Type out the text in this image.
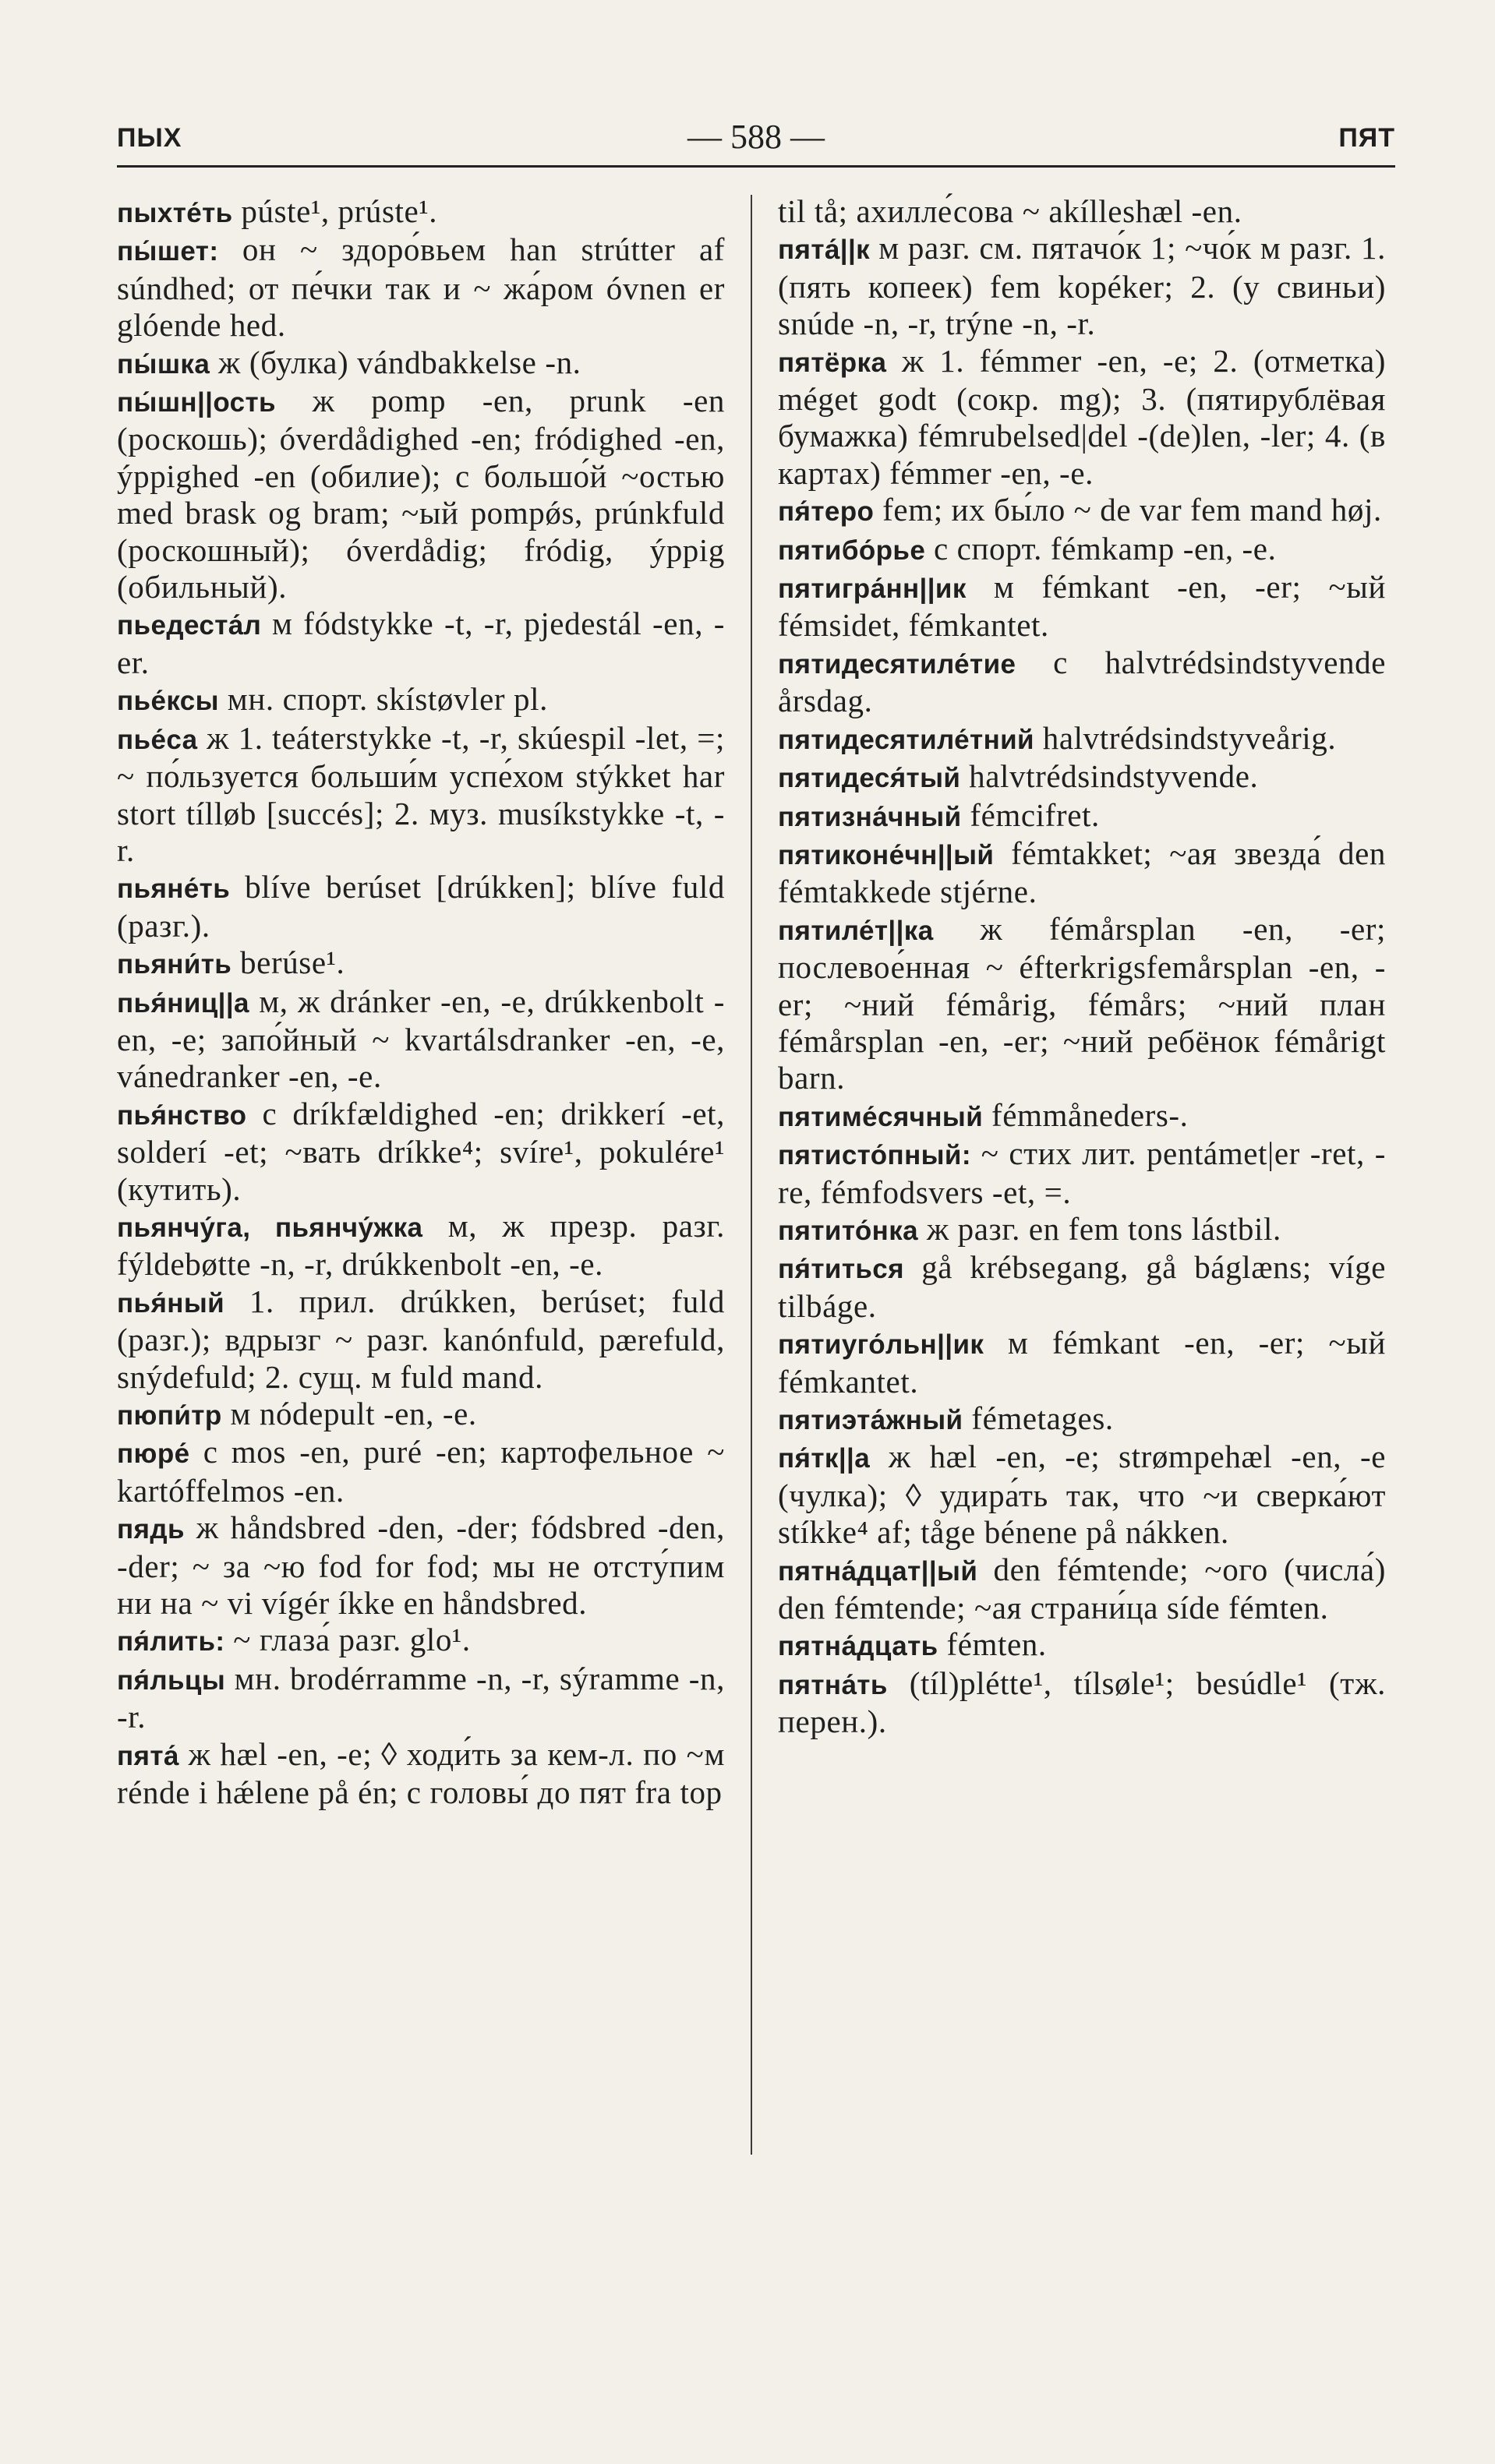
ПЫХ	— 588 —	ПЯТ

пыхте́ть púste¹, prúste¹.

пы́шет: он ~ здоро́вьем han strútter af súndhed; от пе́чки так и ~ жа́ром óvnen er glóende hed.

пы́шка ж (булка) vándbakkelse -n.

пы́шн||ость ж pomp -en, prunk -en (роскошь); óverdådighed -en; fródighed -en, ýppighed -en (обилие); с большо́й ~остью med brask og bram; ~ый pompǿs, prúnkfuld (роскошный); óverdådig; fródig, ýppig (обильный).

пьедеста́л м fódstykke -t, -r, pjedestál -en, -er.

пье́ксы мн. спорт. skístøvler pl.

пье́са ж 1. teáterstykke -t, -r, skúespil -let, =; ~ по́льзуется больши́м успе́хом stýkket har stort tílløb [succés]; 2. муз. musíkstykke -t, -r.

пьяне́ть blíve berúset [drúkken]; blíve fuld (разг.).

пьяни́ть berúse¹.

пья́ниц||а м, ж dránker -en, -e, drúkkenbolt -en, -e; запо́йный ~ kvartálsdranker -en, -e, vánedranker -en, -e.

пья́нство с dríkfældighed -en; drikkerí -et, solderí -et; ~вать dríkke⁴; svíre¹, pokulére¹ (кутить).

пьянчу́га, пьянчу́жка м, ж презр. разг. fýldebøtte -n, -r, drúkkenbolt -en, -e.

пья́ный 1. прил. drúkken, berúset; fuld (разг.); вдрызг ~ разг. kanónfuld, pærefuld, snýdefuld; 2. сущ. м fuld mand.

пюпи́тр м nódepult -en, -e.

пюре́ с mos -en, puré -en; картофельное ~ kartóffelmos -en.

пядь ж håndsbred -den, -der; fódsbred -den, -der; ~ за ~ю fod for fod; мы не отсту́пим ни на ~ vi vígér íkke en håndsbred.

пя́лить: ~ глаза́ разг. glo¹.

пя́льцы мн. brodérramme -n, -r, sýramme -n, -r.

пята́ ж hæl -en, -e; ◊ ходи́ть за кем-л. по ~м rénde i hǽlene på én; с головы́ до пят fra top

til tå; ахилле́сова ~ akílleshæl -en.

пята́||к м разг. см. пятачо́к 1; ~чо́к м разг. 1. (пять копеек) fem kopéker; 2. (у свиньи) snúde -n, -r, trýne -n, -r.

пятёрка ж 1. fémmer -en, -e; 2. (отметка) méget godt (сокр. mg); 3. (пятирублёвая бумажка) fémrubelsed|del -(de)len, -ler; 4. (в картах) fémmer -en, -e.

пя́теро fem; их бы́ло ~ de var fem mand høj.

пятибо́рье с спорт. fémkamp -en, -e.

пятигра́нн||ик м fémkant -en, -er; ~ый fémsidet, fémkantet.

пятидесятиле́тие с halvtrédsindstyvende årsdag.

пятидесятиле́тний halvtrédsindstyveårig.

пятидеся́тый halvtrédsindstyvende.

пятизна́чный fémcifret.

пятиконе́чн||ый fémtakket; ~ая звезда́ den fémtakkede stjérne.

пятиле́т||ка ж fémårsplan -en, -er; послевое́нная ~ éfterkrigsfemårsplan -en, -er; ~ний fémårig, fémårs; ~ний план fémårsplan -en, -er; ~ний ребёнок fémårigt barn.

пятиме́сячный fémmåneders-.

пятисто́пный: ~ стих лит. pentámet|er -ret, -re, fémfodsvers -et, =.

пятито́нка ж разг. en fem tons lástbil.

пя́титься gå krébsegang, gå báglæns; víge tilbáge.

пятиуго́льн||ик м fémkant -en, -er; ~ый fémkantet.

пятиэта́жный fémetages.

пя́тк||а ж hæl -en, -e; strømpehæl -en, -e (чулка); ◊ удира́ть так, что ~и сверка́ют stíkke⁴ af; tåge bénene på nákken.

пятна́дцат||ый den fémtende; ~ого (числа́) den fémtende; ~ая страни́ца síde fémten.

пятна́дцать fémten.

пятна́ть (tíl)plétte¹, tílsøle¹; besúdle¹ (тж. перен.).
